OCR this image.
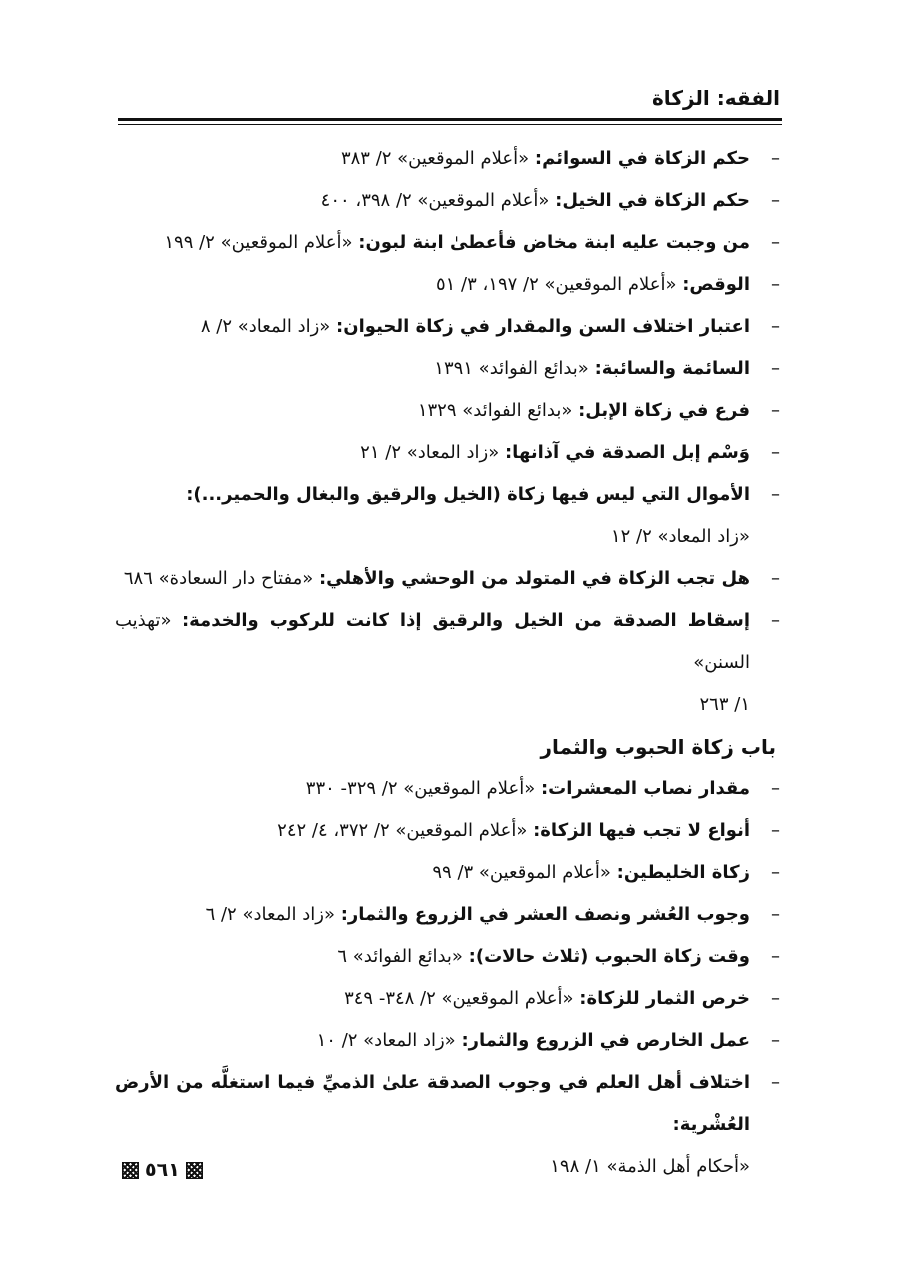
الفقه: الزكاة
–
حكم الزكاة في السوائم: «أعلام الموقعين» ٢/ ٣٨٣
–
حكم الزكاة في الخيل: «أعلام الموقعين» ٢/ ٣٩٨، ٤٠٠
–
من وجبت عليه ابنة مخاض فأعطىٰ ابنة لبون: «أعلام الموقعين» ٢/ ١٩٩
–
الوقص: «أعلام الموقعين» ٢/ ١٩٧، ٣/ ٥١
–
اعتبار اختلاف السن والمقدار في زكاة الحيوان: «زاد المعاد» ٢/ ٨
–
السائمة والسائبة: «بدائع الفوائد» ١٣٩١
–
فرع في زكاة الإبل: «بدائع الفوائد» ١٣٢٩
–
وَسْم إبل الصدقة في آذانها: «زاد المعاد» ٢/ ٢١
–
الأموال التي ليس فيها زكاة (الخيل والرقيق والبغال والحمير...): «زاد المعاد» ٢/ ١٢
–
هل تجب الزكاة في المتولد من الوحشي والأهلي: «مفتاح دار السعادة» ٦٨٦
–
إسقاط الصدقة من الخيل والرقيق إذا كانت للركوب والخدمة: «تهذيب السنن»
١/ ٢٦٣
باب زكاة الحبوب والثمار
–
مقدار نصاب المعشرات: «أعلام الموقعين» ٢/ ٣٢٩- ٣٣٠
–
أنواع لا تجب فيها الزكاة: «أعلام الموقعين» ٢/ ٣٧٢، ٤/ ٢٤٢
–
زكاة الخليطين: «أعلام الموقعين» ٣/ ٩٩
–
وجوب العُشر ونصف العشر في الزروع والثمار: «زاد المعاد» ٢/ ٦
–
وقت زكاة الحبوب (ثلاث حالات): «بدائع الفوائد» ٦
–
خرص الثمار للزكاة: «أعلام الموقعين» ٢/ ٣٤٨- ٣٤٩
–
عمل الخارص في الزروع والثمار: «زاد المعاد» ٢/ ١٠
–
اختلاف أهل العلم في وجوب الصدقة علىٰ الذميِّ فيما استغلَّه من الأرض العُشْرية:
«أحكام أهل الذمة» ١/ ١٩٨
٥٦١
